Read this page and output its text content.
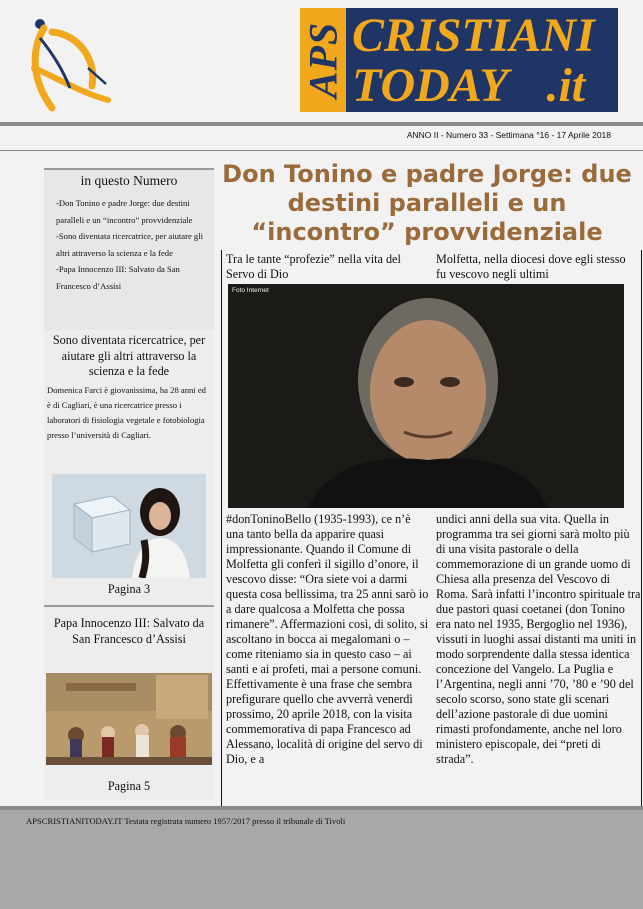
APS CRISTIANI
TODAY .it
ANNO II - Numero 33 - Settimana °16 - 17 Aprile 2018
in questo Numero
-Don Tonino e padre Jorge: due destini paralleli e un “incontro” provvidenziale
-Sono diventata ricercatrice, per aiutare gli altri attraverso la scienza e la fede
-Papa Innocenzo III: Salvato da San Francesco d’Assisi
Sono diventata ricercatrice, per aiutare gli altri attraverso la scienza e la fede
Domenica Farci è giovanissima, ha 28 anni ed è di Cagliari, è una ricercatrice presso i laboratori di fisiologia vegetale e fotobiologia presso l’università di Cagliari.
Pagina 3
Papa Innocenzo III: Salvato da San Francesco d’Assisi
Pagina 5
Don Tonino e padre Jorge: due destini paralleli e un “incontro” provvidenziale
Tra le tante “profezie” nella vita del Servo di Dio
Molfetta, nella diocesi dove egli stesso fu vescovo negli ultimi
Foto Internet
#donToninoBello (1935-1993), ce n’è una tanto bella da apparire quasi impressionante. Quando il Comune di Molfetta gli conferì il sigillo d’onore, il vescovo disse: “Ora siete voi a darmi questa cosa bellissima, tra 25 anni sarò io a dare qualcosa a Molfetta che possa rimanere”. Affermazioni così, di solito, si ascoltano in bocca ai megalomani o – come riteniamo sia in questo caso – ai santi e ai profeti, mai a persone comuni. Effettivamente è una frase che sembra prefigurare quello che avverrà venerdì prossimo, 20 aprile 2018, con la visita commemorativa di papa Francesco ad Alessano, località di origine del servo di Dio, e a
undici anni della sua vita. Quella in programma tra sei giorni sarà molto più di una visita pastorale o della commemorazione di un grande uomo di Chiesa alla presenza del Vescovo di Roma. Sarà infatti l’incontro spirituale tra due pastori quasi coetanei (don Tonino era nato nel 1935, Bergoglio nel 1936), vissuti in luoghi assai distanti ma uniti in modo sorprendente dalla stessa identica concezione del Vangelo. La Puglia e l’Argentina, negli anni ’70, ’80 e ’90 del secolo scorso, sono state gli scenari dell’azione pastorale di due uomini rimasti profondamente, anche nel loro ministero episcopale, dei “preti di strada”.
APSCRISTIANITODAY.IT Testata registrata numero 1957/2017 presso il tribunale di Tivoli
